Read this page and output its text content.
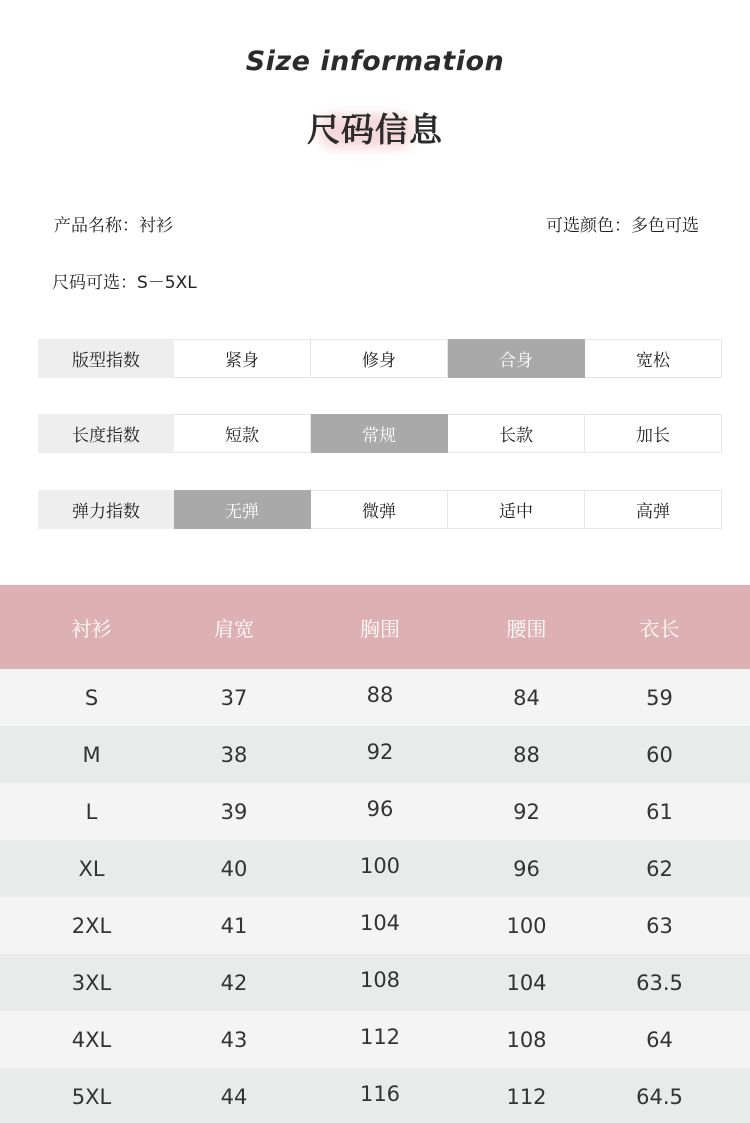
Size information
尺码信息
产品名称：衬衫	可选颜色：多色可选
尺码可选：S－5XL
版型指数	紧身	修身	合身	宽松
长度指数	短款	常规	长款	加长
弹力指数	无弹	微弹	适中	高弹
衬衫	肩宽	胸围	腰围	衣长
S	37	88	84	59
M	38	92	88	60
L	39	96	92	61
XL	40	100	96	62
2XL	41	104	100	63
3XL	42	108	104	63.5
4XL	43	112	108	64
5XL	44	116	112	64.5
